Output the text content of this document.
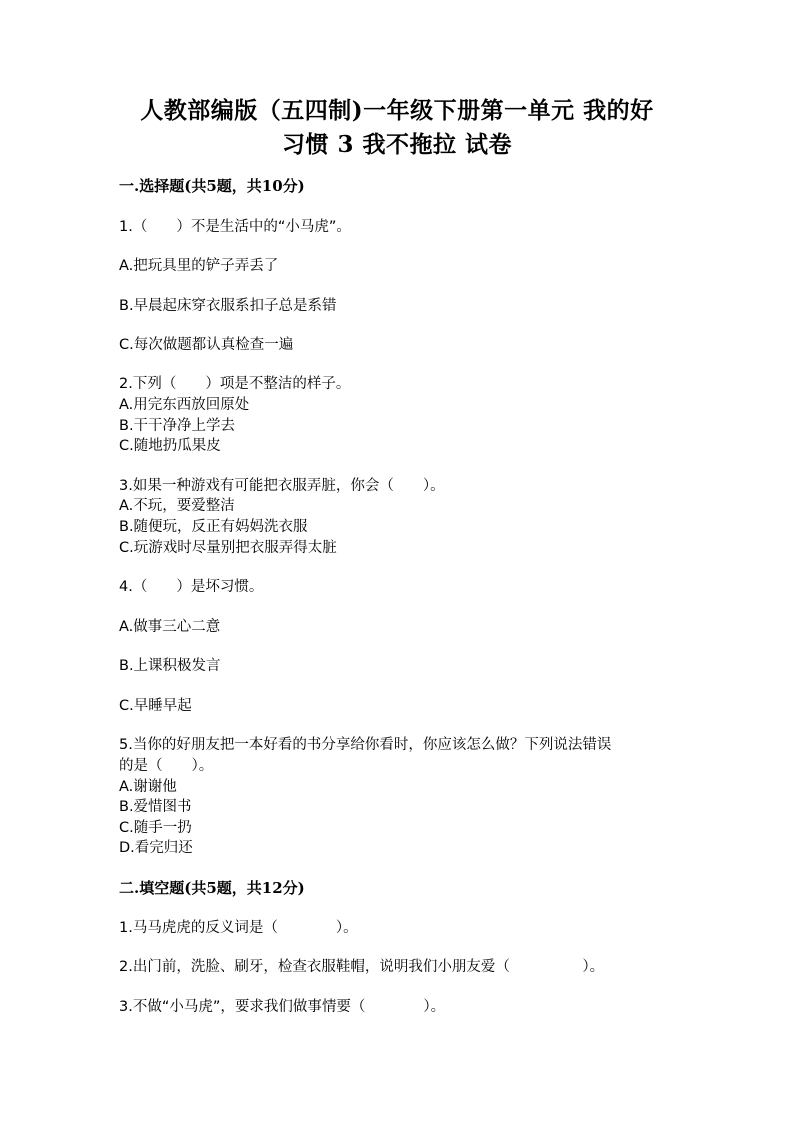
人教部编版（五四制)一年级下册第一单元 我的好
习惯 3 我不拖拉 试卷
一.选择题(共5题，共10分)
1.（　　）不是生活中的“小马虎”。
A.把玩具里的铲子弄丢了
B.早晨起床穿衣服系扣子总是系错
C.每次做题都认真检查一遍
2.下列（　　）项是不整洁的样子。
A.用完东西放回原处
B.干干净净上学去
C.随地扔瓜果皮
3.如果一种游戏有可能把衣服弄脏，你会（　　）。
A.不玩，要爱整洁
B.随便玩，反正有妈妈洗衣服
C.玩游戏时尽量别把衣服弄得太脏
4.（　　）是坏习惯。
A.做事三心二意
B.上课积极发言
C.早睡早起
5.当你的好朋友把一本好看的书分享给你看时，你应该怎么做？下列说法错误
的是（　　）。
A.谢谢他
B.爱惜图书
C.随手一扔
D.看完归还
二.填空题(共5题，共12分)
1.马马虎虎的反义词是（　　　　）。
2.出门前，洗脸、刷牙，检查衣服鞋帽，说明我们小朋友爱（　　　　　）。
3.不做“小马虎”，要求我们做事情要（　　　　）。
